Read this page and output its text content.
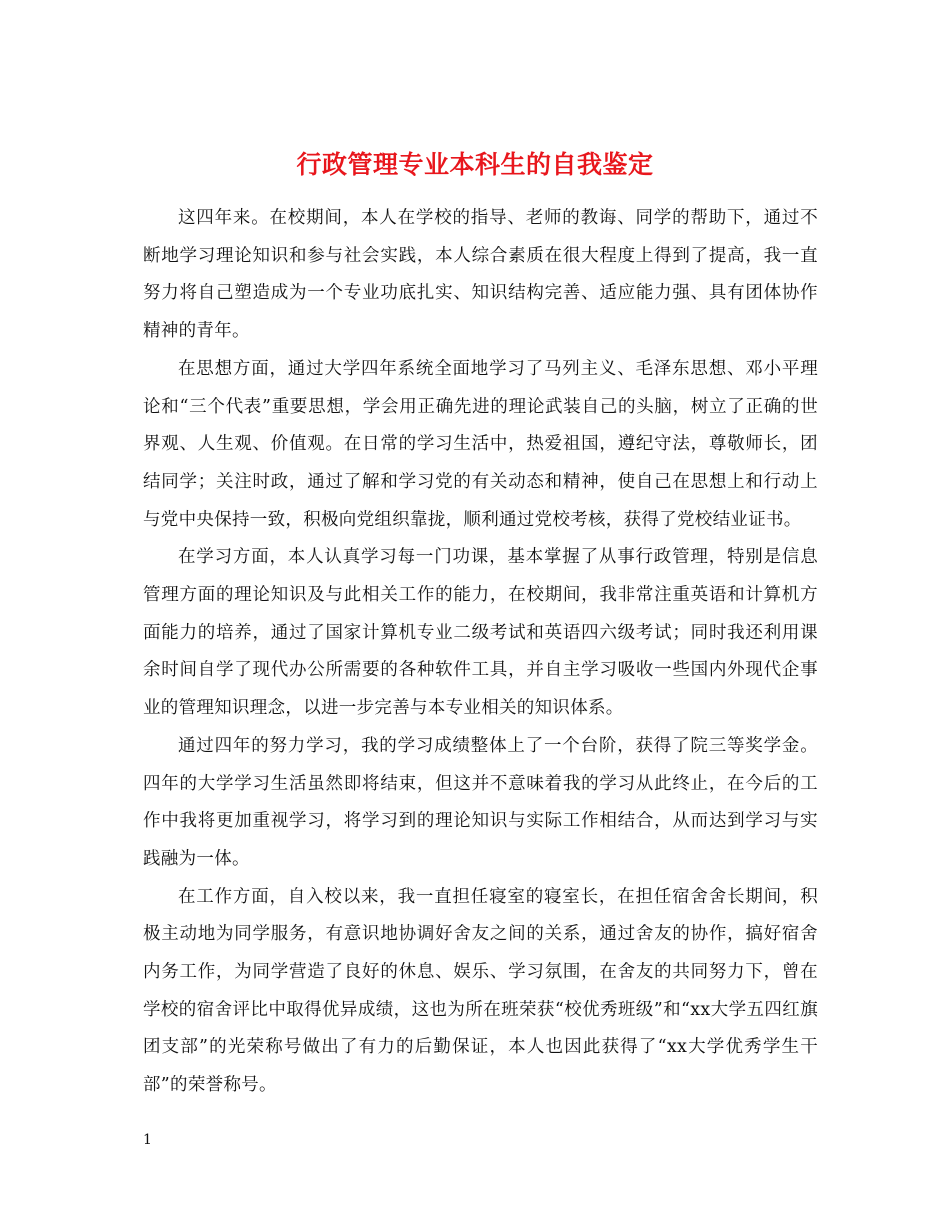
行政管理专业本科生的自我鉴定

这四年来。在校期间，本人在学校的指导、老师的教诲、同学的帮助下，通过不断地学习理论知识和参与社会实践，本人综合素质在很大程度上得到了提高，我一直努力将自己塑造成为一个专业功底扎实、知识结构完善、适应能力强、具有团体协作精神的青年。

在思想方面，通过大学四年系统全面地学习了马列主义、毛泽东思想、邓小平理论和“三个代表”重要思想，学会用正确先进的理论武装自己的头脑，树立了正确的世界观、人生观、价值观。在日常的学习生活中，热爱祖国，遵纪守法，尊敬师长，团结同学；关注时政，通过了解和学习党的有关动态和精神，使自己在思想上和行动上与党中央保持一致，积极向党组织靠拢，顺利通过党校考核，获得了党校结业证书。

在学习方面，本人认真学习每一门功课，基本掌握了从事行政管理，特别是信息管理方面的理论知识及与此相关工作的能力，在校期间，我非常注重英语和计算机方面能力的培养，通过了国家计算机专业二级考试和英语四六级考试；同时我还利用课余时间自学了现代办公所需要的各种软件工具，并自主学习吸收一些国内外现代企事业的管理知识理念，以进一步完善与本专业相关的知识体系。

通过四年的努力学习，我的学习成绩整体上了一个台阶，获得了院三等奖学金。四年的大学学习生活虽然即将结束，但这并不意味着我的学习从此终止，在今后的工作中我将更加重视学习，将学习到的理论知识与实际工作相结合，从而达到学习与实践融为一体。

在工作方面，自入校以来，我一直担任寝室的寝室长，在担任宿舍舍长期间，积极主动地为同学服务，有意识地协调好舍友之间的关系，通过舍友的协作，搞好宿舍内务工作，为同学营造了良好的休息、娱乐、学习氛围，在舍友的共同努力下，曾在学校的宿舍评比中取得优异成绩，这也为所在班荣获“校优秀班级”和“xx大学五四红旗团支部”的光荣称号做出了有力的后勤保证，本人也因此获得了“xx大学优秀学生干部”的荣誉称号。

1
